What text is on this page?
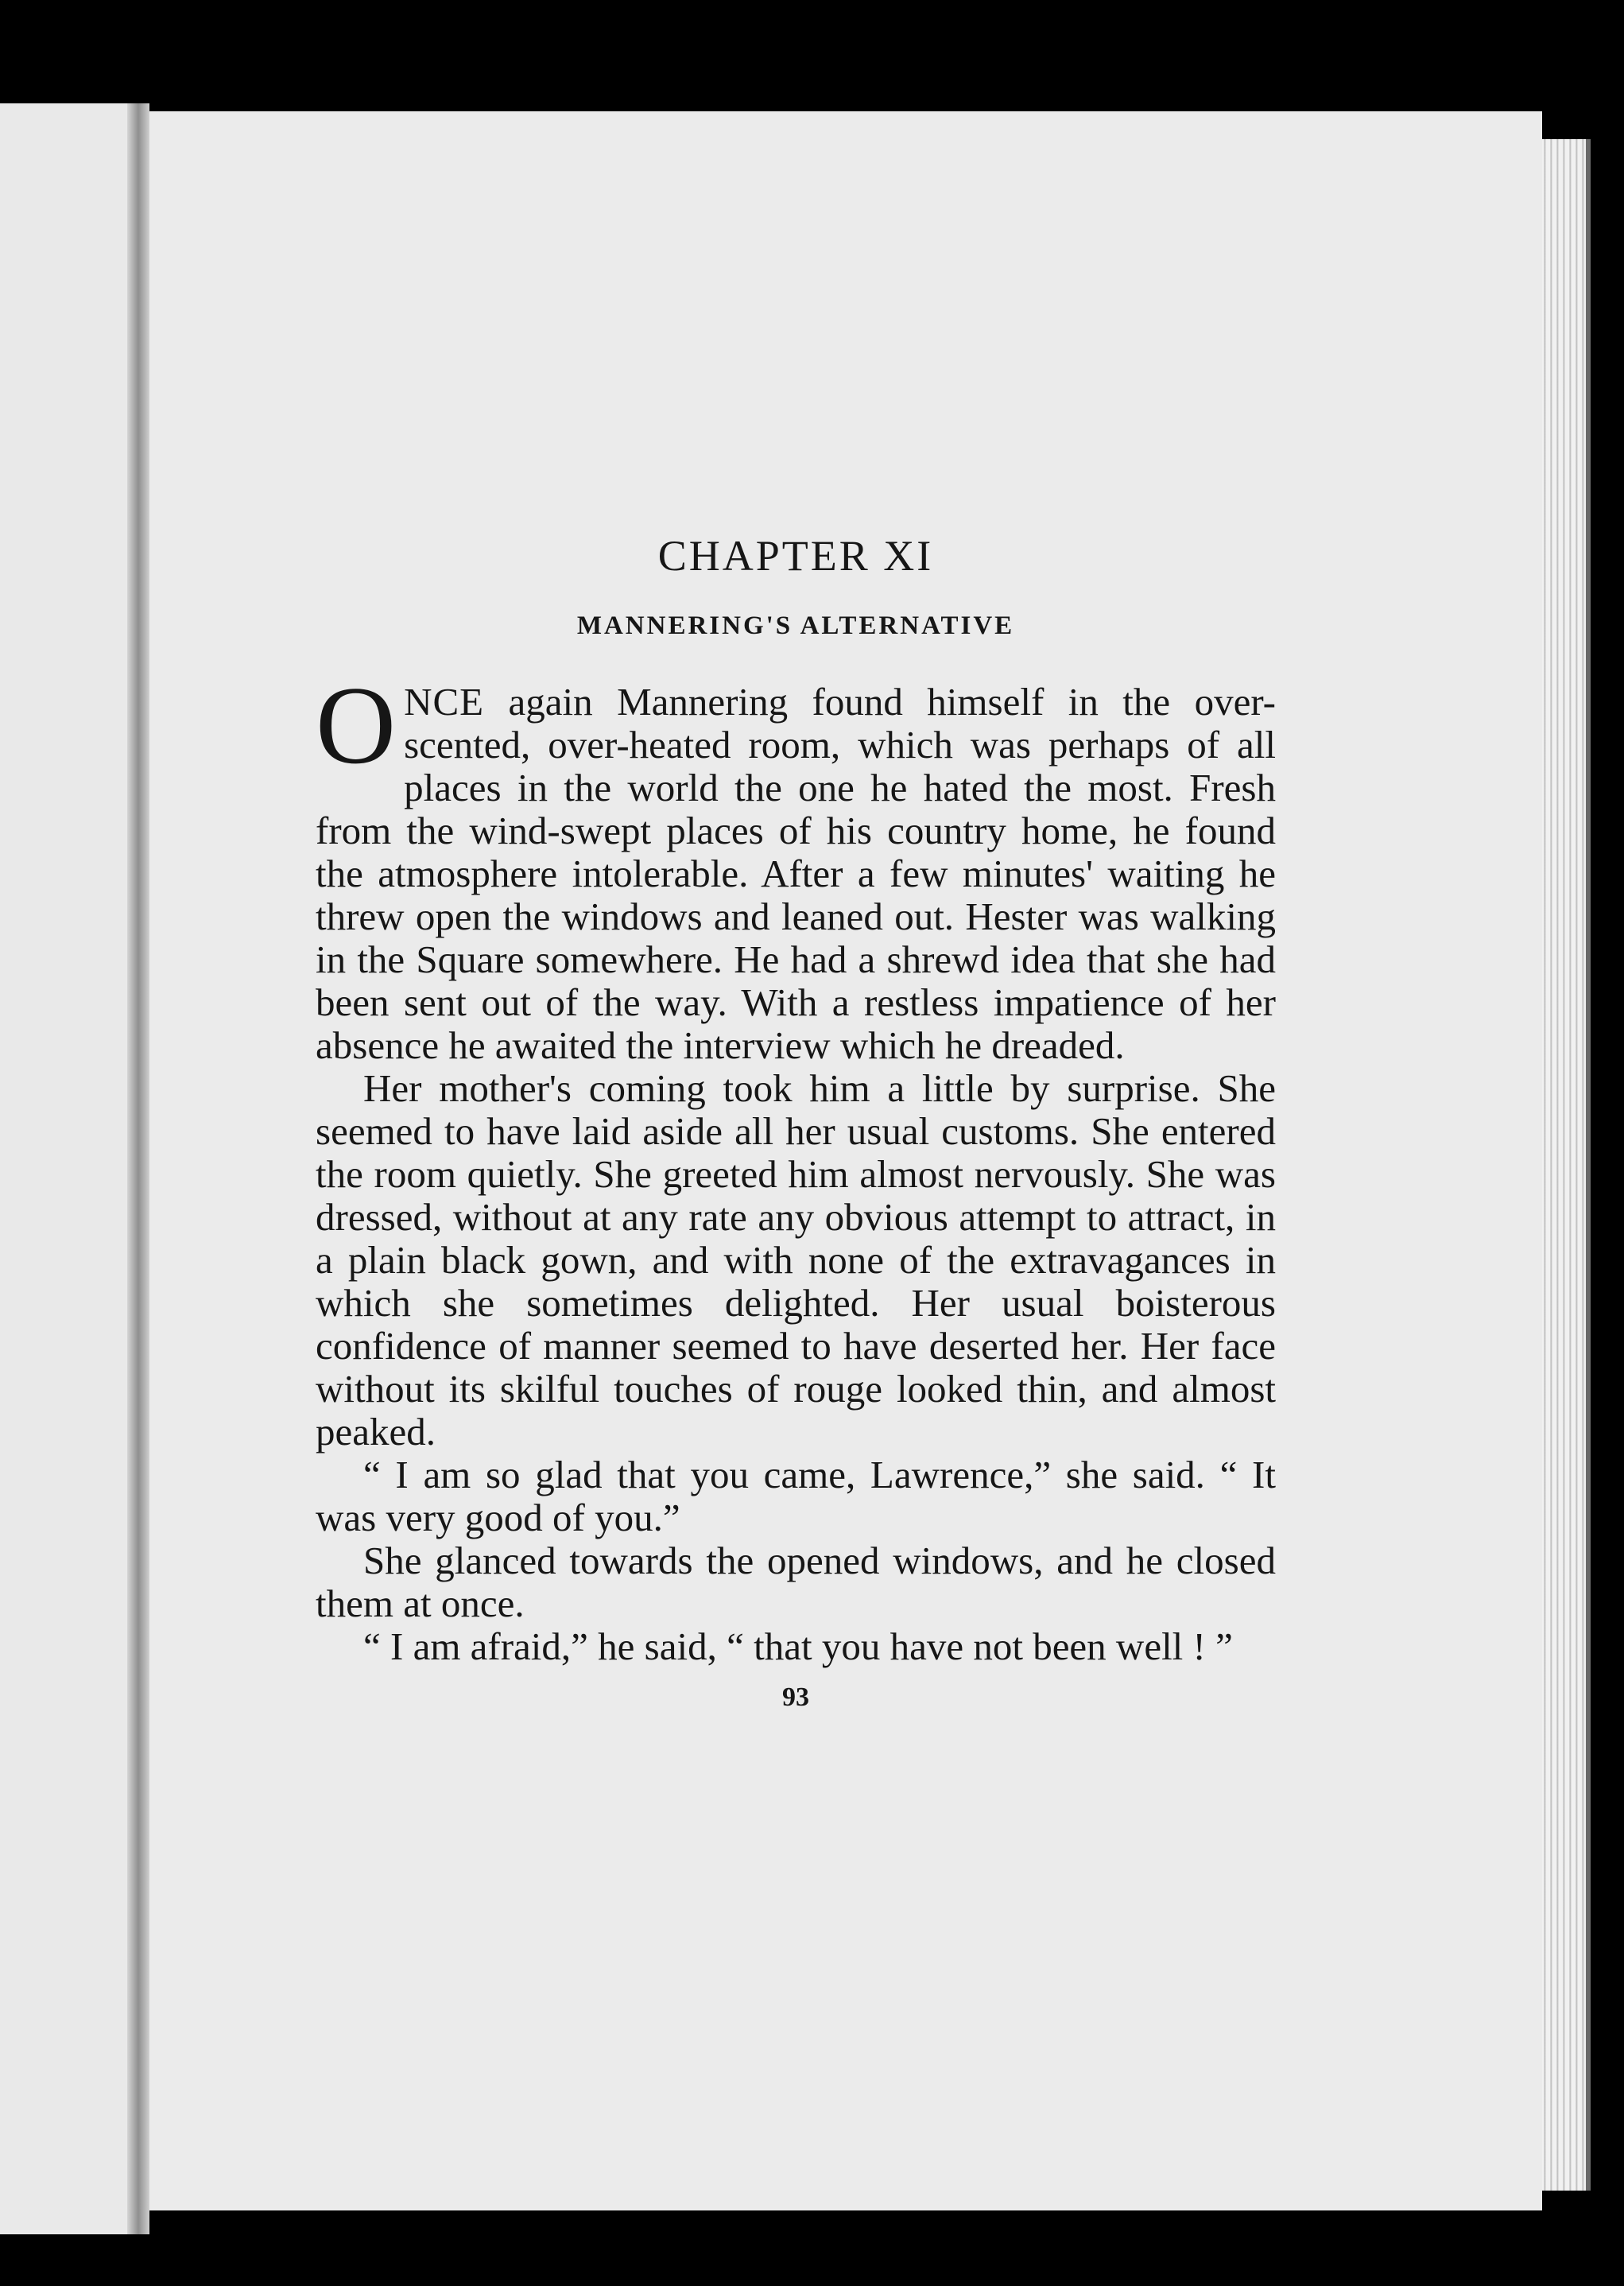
CHAPTER XI
MANNERING'S ALTERNATIVE

ONCE again Mannering found himself in the over-scented, over-heated room, which was perhaps of all places in the world the one he hated the most. Fresh from the wind-swept places of his country home, he found the atmosphere intolerable. After a few minutes' waiting he threw open the windows and leaned out. Hester was walking in the Square somewhere. He had a shrewd idea that she had been sent out of the way. With a restless impatience of her absence he awaited the interview which he dreaded.

Her mother's coming took him a little by surprise. She seemed to have laid aside all her usual customs. She entered the room quietly. She greeted him almost nervously. She was dressed, without at any rate any obvious attempt to attract, in a plain black gown, and with none of the extravagances in which she sometimes delighted. Her usual boisterous confidence of manner seemed to have deserted her. Her face without its skilful touches of rouge looked thin, and almost peaked.

“ I am so glad that you came, Lawrence,” she said. “ It was very good of you.”

She glanced towards the opened windows, and he closed them at once.

“ I am afraid,” he said, “ that you have not been well ! ”

93
